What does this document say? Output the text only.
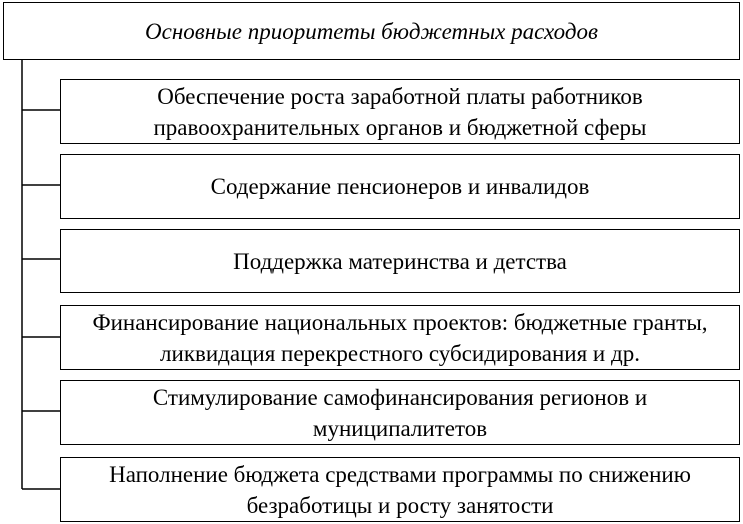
Основные приоритеты бюджетных расходов
Обеспечение роста заработной платы работников правоохранительных органов и бюджетной сферы
Содержание пенсионеров и инвалидов
Поддержка материнства и детства
Финансирование национальных проектов: бюджетные гранты, ликвидация перекрестного субсидирования и др.
Стимулирование самофинансирования регионов и муниципалитетов
Наполнение бюджета средствами программы по снижению безработицы и росту занятости
